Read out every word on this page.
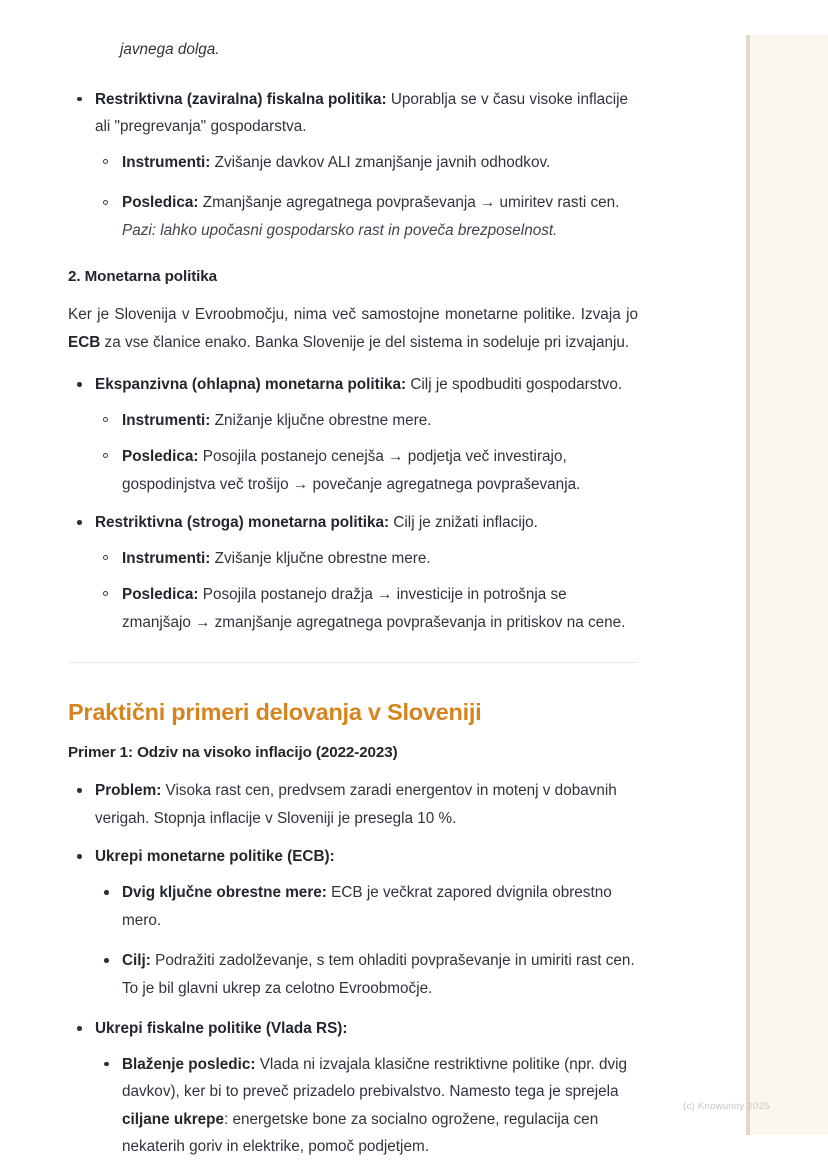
javnega dolga.

Restriktivna (zaviralna) fiskalna politika: Uporablja se v času visoke inflacije ali "pregrevanja" gospodarstva.
Instrumenti: Zvišanje davkov ALI zmanjšanje javnih odhodkov.
Posledica: Zmanjšanje agregatnega povpraševanja → umiritev rasti cen. Pazi: lahko upočasni gospodarsko rast in poveča brezposelnost.
2. Monetarna politika

Ker je Slovenija v Evroobmočju, nima več samostojne monetarne politike. Izvaja jo ECB za vse članice enako. Banka Slovenije je del sistema in sodeluje pri izvajanju.

Ekspanzivna (ohlapna) monetarna politika: Cilj je spodbuditi gospodarstvo.
Instrumenti: Znižanje ključne obrestne mere.
Posledica: Posojila postanejo cenejša → podjetja več investirajo, gospodinjstva več trošijo → povečanje agregatnega povpraševanja.
Restriktivna (stroga) monetarna politika: Cilj je znižati inflacijo.
Instrumenti: Zvišanje ključne obrestne mere.
Posledica: Posojila postanejo dražja → investicije in potrošnja se zmanjšajo → zmanjšanje agregatnega povpraševanja in pritiskov na cene.
Praktični primeri delovanja v Sloveniji
Primer 1: Odziv na visoko inflacijo (2022-2023)
Problem: Visoka rast cen, predvsem zaradi energentov in motenj v dobavnih verigah. Stopnja inflacije v Sloveniji je presegla 10 %.
Ukrepi monetarne politike (ECB):
Dvig ključne obrestne mere: ECB je večkrat zapored dvignila obrestno mero.
Cilj: Podražiti zadolževanje, s tem ohladiti povpraševanje in umiriti rast cen. To je bil glavni ukrep za celotno Evroobmočje.
Ukrepi fiskalne politike (Vlada RS):
Blaženje posledic: Vlada ni izvajala klasične restriktivne politike (npr. dvig davkov), ker bi to preveč prizadelo prebivalstvo. Namesto tega je sprejela ciljane ukrepe: energetske bone za socialno ogrožene, regulacija cen nekaterih goriv in elektrike, pomoč podjetjem.
(c) Knowunity 2025
